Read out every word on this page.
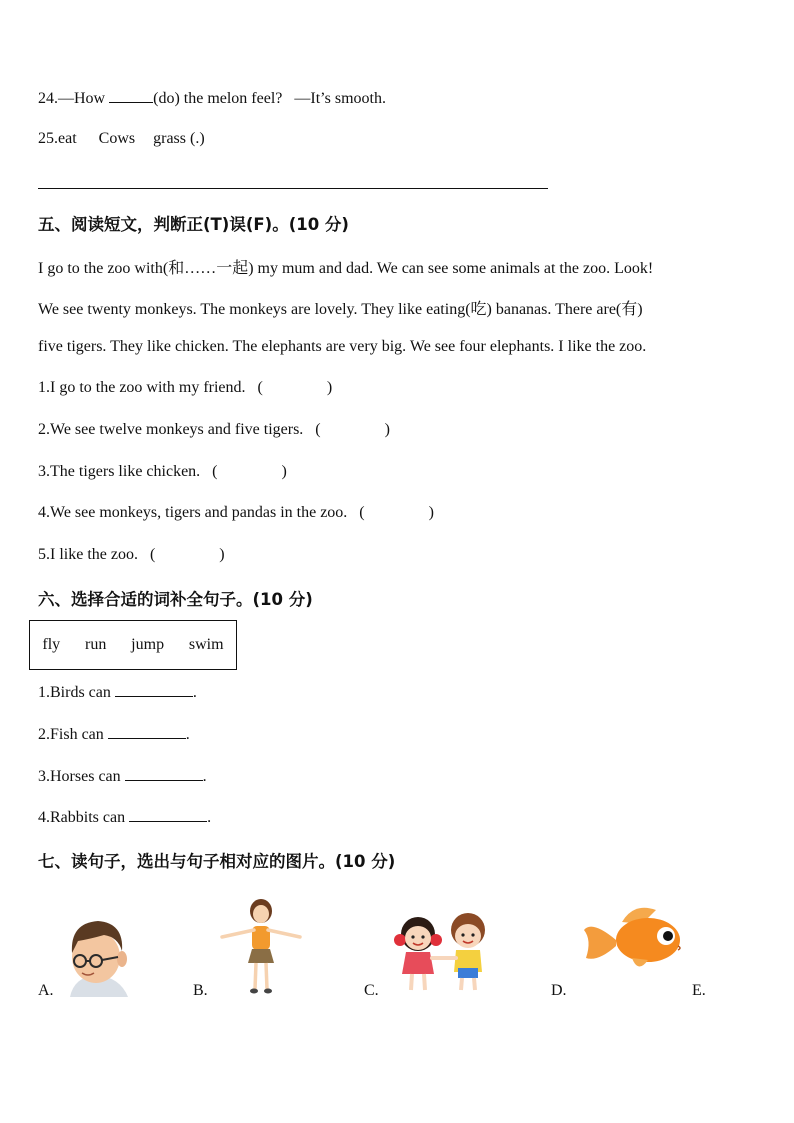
24.—How	(do) the melon feel? —It’s smooth.
25.eat Cows grass (.)
五、阅读短文，判断正(T)误(F)。(10 分)
I go to the zoo with(和……一起) my mum and dad. We can see some animals at the zoo. Look!
We see twenty monkeys. The monkeys are lovely. They like eating(吃) bananas. There are(有)
five tigers. They like chicken. The elephants are very big. We see four elephants. I like the zoo.
1.I go to the zoo with my friend. (	)
2.We see twelve monkeys and five tigers. (	)
3.The tigers like chicken. (	)
4.We see monkeys, tigers and pandas in the zoo. (	)
5.I like the zoo. (	)
六、选择合适的词补全句子。(10 分)
fly run jump swim
1.Birds can	.
2.Fish can	.
3.Horses can	.
4.Rabbits can	.
七、读句子，选出与句子相对应的图片。(10 分)
A.	B.	C.	D.	E.
